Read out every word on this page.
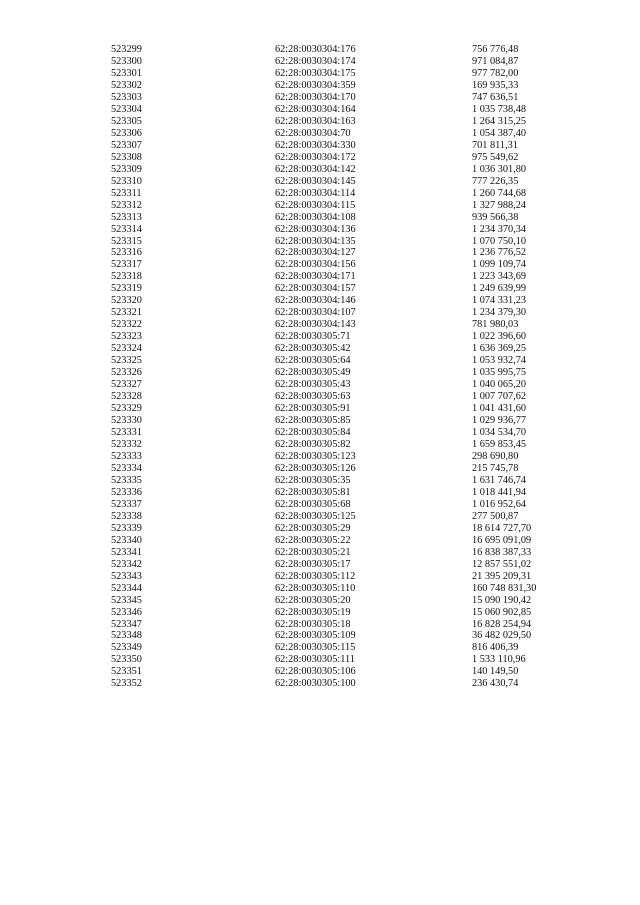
523299	62:28:0030304:176	756 776,48
523300	62:28:0030304:174	971 084,87
523301	62:28:0030304:175	977 782,00
523302	62:28:0030304:359	169 935,33
523303	62:28:0030304:170	747 636,51
523304	62:28:0030304:164	1 035 738,48
523305	62:28:0030304:163	1 264 315,25
523306	62:28:0030304:70	1 054 387,40
523307	62:28:0030304:330	701 811,31
523308	62:28:0030304:172	975 549,62
523309	62:28:0030304:142	1 036 301,80
523310	62:28:0030304:145	777 226,35
523311	62:28:0030304:114	1 260 744,68
523312	62:28:0030304:115	1 327 988,24
523313	62:28:0030304:108	939 566,38
523314	62:28:0030304:136	1 234 370,34
523315	62:28:0030304:135	1 070 750,10
523316	62:28:0030304:127	1 236 776,52
523317	62:28:0030304:156	1 099 109,74
523318	62:28:0030304:171	1 223 343,69
523319	62:28:0030304:157	1 249 639,99
523320	62:28:0030304:146	1 074 331,23
523321	62:28:0030304:107	1 234 379,30
523322	62:28:0030304:143	781 980,03
523323	62:28:0030305:71	1 022 396,60
523324	62:28:0030305:42	1 636 369,25
523325	62:28:0030305:64	1 053 932,74
523326	62:28:0030305:49	1 035 995,75
523327	62:28:0030305:43	1 040 065,20
523328	62:28:0030305:63	1 007 707,62
523329	62:28:0030305:91	1 041 431,60
523330	62:28:0030305:85	1 029 936,77
523331	62:28:0030305:84	1 034 534,70
523332	62:28:0030305:82	1 659 853,45
523333	62:28:0030305:123	298 690,80
523334	62:28:0030305:126	215 745,78
523335	62:28:0030305:35	1 631 746,74
523336	62:28:0030305:81	1 018 441,94
523337	62:28:0030305:68	1 016 952,64
523338	62:28:0030305:125	277 500,87
523339	62:28:0030305:29	18 614 727,70
523340	62:28:0030305:22	16 695 091,09
523341	62:28:0030305:21	16 838 387,33
523342	62:28:0030305:17	12 857 551,02
523343	62:28:0030305:112	21 395 209,31
523344	62:28:0030305:110	160 748 831,30
523345	62:28:0030305:20	15 090 190,42
523346	62:28:0030305:19	15 060 902,85
523347	62:28:0030305:18	16 828 254,94
523348	62:28:0030305:109	36 482 029,50
523349	62:28:0030305:115	816 406,39
523350	62:28:0030305:111	1 533 110,96
523351	62:28:0030305:106	140 149,50
523352	62:28:0030305:100	236 430,74
